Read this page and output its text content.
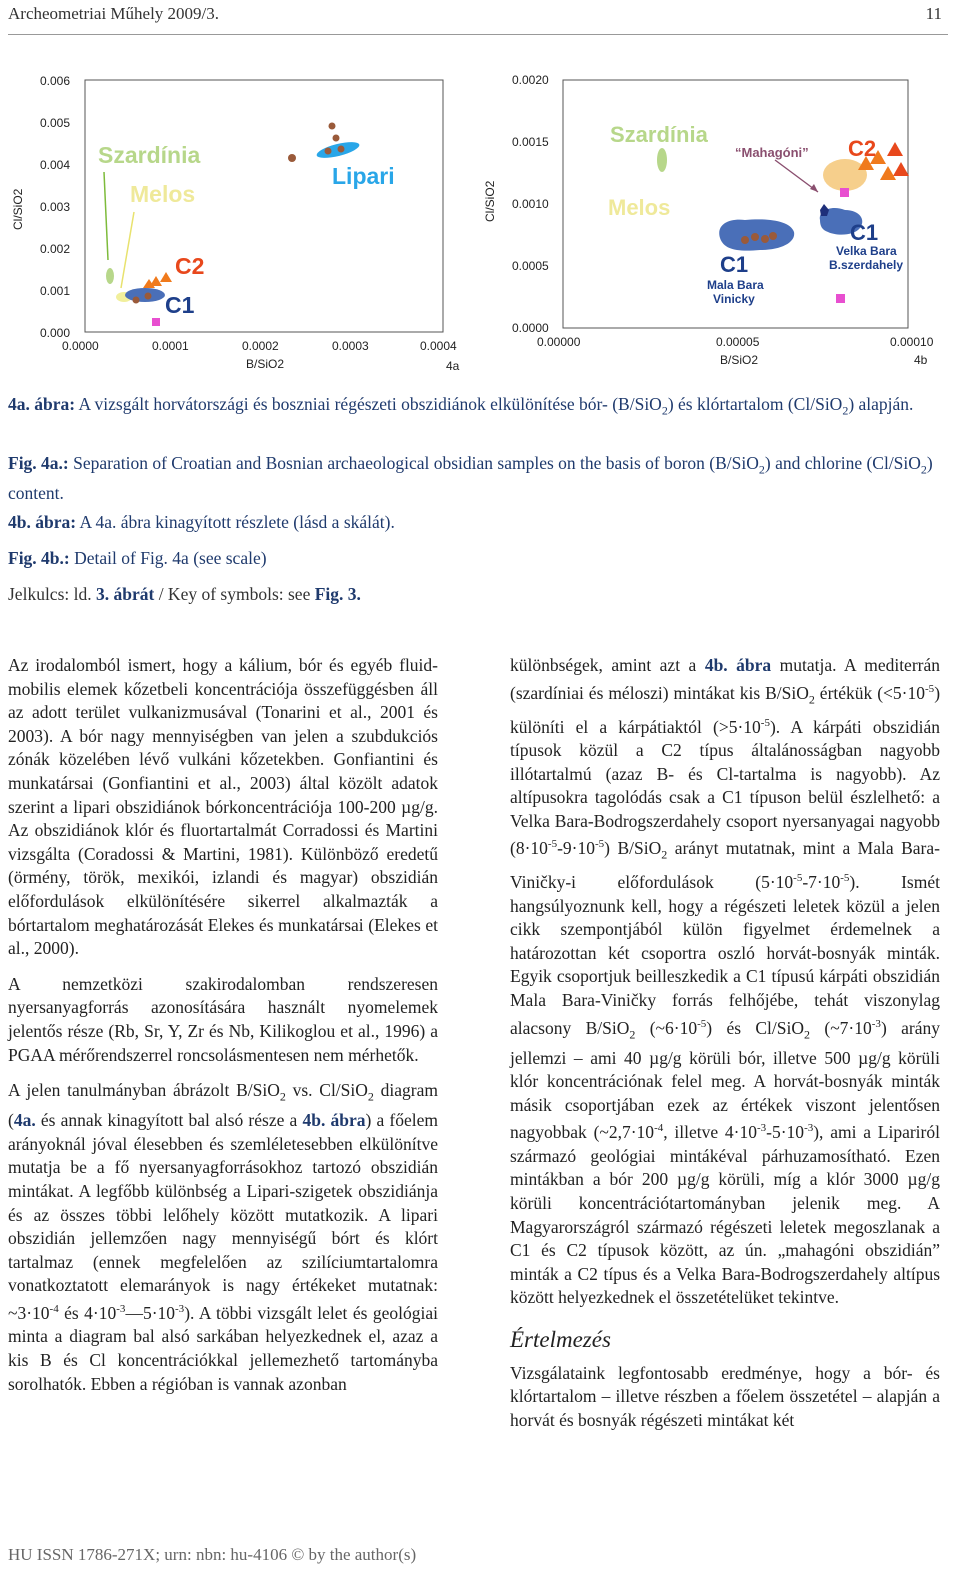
Archeometriai Műhely 2009/3.	11
0.006
0.005
0.004
0.003
0.002
0.001
0.000
0.0000	0.0001	0.0002	0.0003	0.0004
B/SiO2	4a
Cl/SiO2
Szardínia
Melos
Lipari
C2
C1
0.0020
0.0015
0.0010
0.0005
0.0000
0.00000	0.00005	0.00010
B/SiO2	4b
Cl/SiO2
Szardínia
Melos
“Mahagóni” C2
C1
Mala Bara
Vinicky
C1
Velka Bara
B.szerdahely
4a. ábra: A vizsgált horvátországi és boszniai régészeti obszidiánok elkülönítése bór- (B/SiO$_2$) és klórtartalom (Cl/SiO$_2$) alapján.
Fig. 4a.: Separation of Croatian and Bosnian archaeological obsidian samples on the basis of boron (B/SiO$_2$) and chlorine (Cl/SiO$_2$) content.
4b. ábra: A 4a. ábra kinagyított részlete (lásd a skálát).
Fig. 4b.: Detail of Fig. 4a (see scale)
Jelkulcs: ld. 3. ábrát / Key of symbols: see Fig. 3.

Az irodalomból ismert, hogy a kálium, bór és egyéb fluid-mobilis elemek kőzetbeli koncentrációja összefüggésben áll az adott terület vulkanizmusával (Tonarini et al., 2001 és 2003). A bór nagy mennyiségben van jelen a szubdukciós zónák közelében lévő vulkáni kőzetekben. Gonfiantini és munkatársai (Gonfiantini et al., 2003) által közölt adatok szerint a lipari obszidiánok bórkoncentrációja 100-200 µg/g. Az obszidiánok klór és fluortartalmát Corradossi és Martini vizsgálta (Coradossi & Martini, 1981). Különböző eredetű (örmény, török, mexikói, izlandi és magyar) obszidián előfordulások elkülönítésére sikerrel alkalmazták a bórtartalom meghatározását Elekes és munkatársai (Elekes et al., 2000).

A nemzetközi szakirodalomban rendszeresen nyersanyagforrás azonosítására használt nyomelemek jelentős része (Rb, Sr, Y, Zr és Nb, Kilikoglou et al., 1996) a PGAA mérőrendszerrel roncsolásmentesen nem mérhetők.

A jelen tanulmányban ábrázolt B/SiO$_2$ vs. Cl/SiO$_2$ diagram (4a. és annak kinagyított bal alsó része a 4b. ábra) a főelem arányoknál jóval élesebben és szemléletesebben elkülönítve mutatja be a fő nyersanyagforrásokhoz tartozó obszidián mintákat. A legfőbb különbség a Lipari-szigetek obszidiánja és az összes többi lelőhely között mutatkozik. A lipari obszidián jellemzően nagy mennyiségű bórt és klórt tartalmaz (ennek megfelelően az szilíciumtartalomra vonatkoztatott elemarányok is nagy értékeket mutatnak: $\sim 3\cdot 10^{-4}$ és $4\cdot 10^{-3}—5\cdot 10^{-3}$). A többi vizsgált lelet és geológiai minta a diagram bal alsó sarkában helyezkednek el, azaz a kis B és Cl koncentrációkkal jellemezhető tartományba sorolhatók. Ebben a régióban is vannak azonban

különbségek, amint azt a 4b. ábra mutatja. A mediterrán (szardíniai és méloszi) mintákat kis B/SiO$_2$ értékük $(<5\cdot 10^{-5})$ különíti el a kárpátiaktól $(>5\cdot 10^{-5})$. A kárpáti obszidián típusok közül a C2 típus általánosságban nagyobb illótartalmú (azaz B- és Cl-tartalma is nagyobb). Az altípusokra tagolódás csak a C1 típuson belül észlelhető: a Velka Bara-Bodrogszerdahely csoport nyersanyagai nagyobb $(8\cdot 10^{-5}-9\cdot 10^{-5})$ B/SiO$_2$ arányt mutatnak, mint a Mala Bara-Viničky-i előfordulások $(5\cdot 10^{-5}-7\cdot 10^{-5})$. Ismét hangsúlyoznunk kell, hogy a régészeti leletek közül a jelen cikk szempontjából külön figyelmet érdemelnek a határozottan két csoportra oszló horvát-bosnyák minták. Egyik csoportjuk beilleszkedik a C1 típusú kárpáti obszidián Mala Bara-Viničky forrás felhőjébe, tehát viszonylag alacsony B/SiO$_2$ $(\sim 6\cdot 10^{-5})$ és Cl/SiO$_2$ $(\sim 7\cdot 10^{-3})$ arány jellemzi – ami 40 µg/g körüli bór, illetve 500 µg/g körüli klór koncentrációnak felel meg. A horvát-bosnyák minták másik csoportjában ezek az értékek viszont jelentősen nagyobbak ($\sim 2,7\cdot 10^{-4}$, illetve $4\cdot 10^{-3}-5\cdot 10^{-3}$), ami a Lipariról származó geológiai mintákéval párhuzamosítható. Ezen mintákban a bór 200 µg/g körüli, míg a klór 3000 µg/g körüli koncentrációtartományban jelenik meg. A Magyarországról származó régészeti leletek megoszlanak a C1 és C2 típusok között, az ún. „mahagóni obszidián” minták a C2 típus és a Velka Bara-Bodrogszerdahely altípus között helyezkednek el összetételüket tekintve.

Értelmezés

Vizsgálataink legfontosabb eredménye, hogy a bór- és klórtartalom – illetve részben a főelem összetétel – alapján a horvát és bosnyák régészeti mintákat két

HU ISSN 1786-271X; urn: nbn: hu-4106 © by the author(s)
